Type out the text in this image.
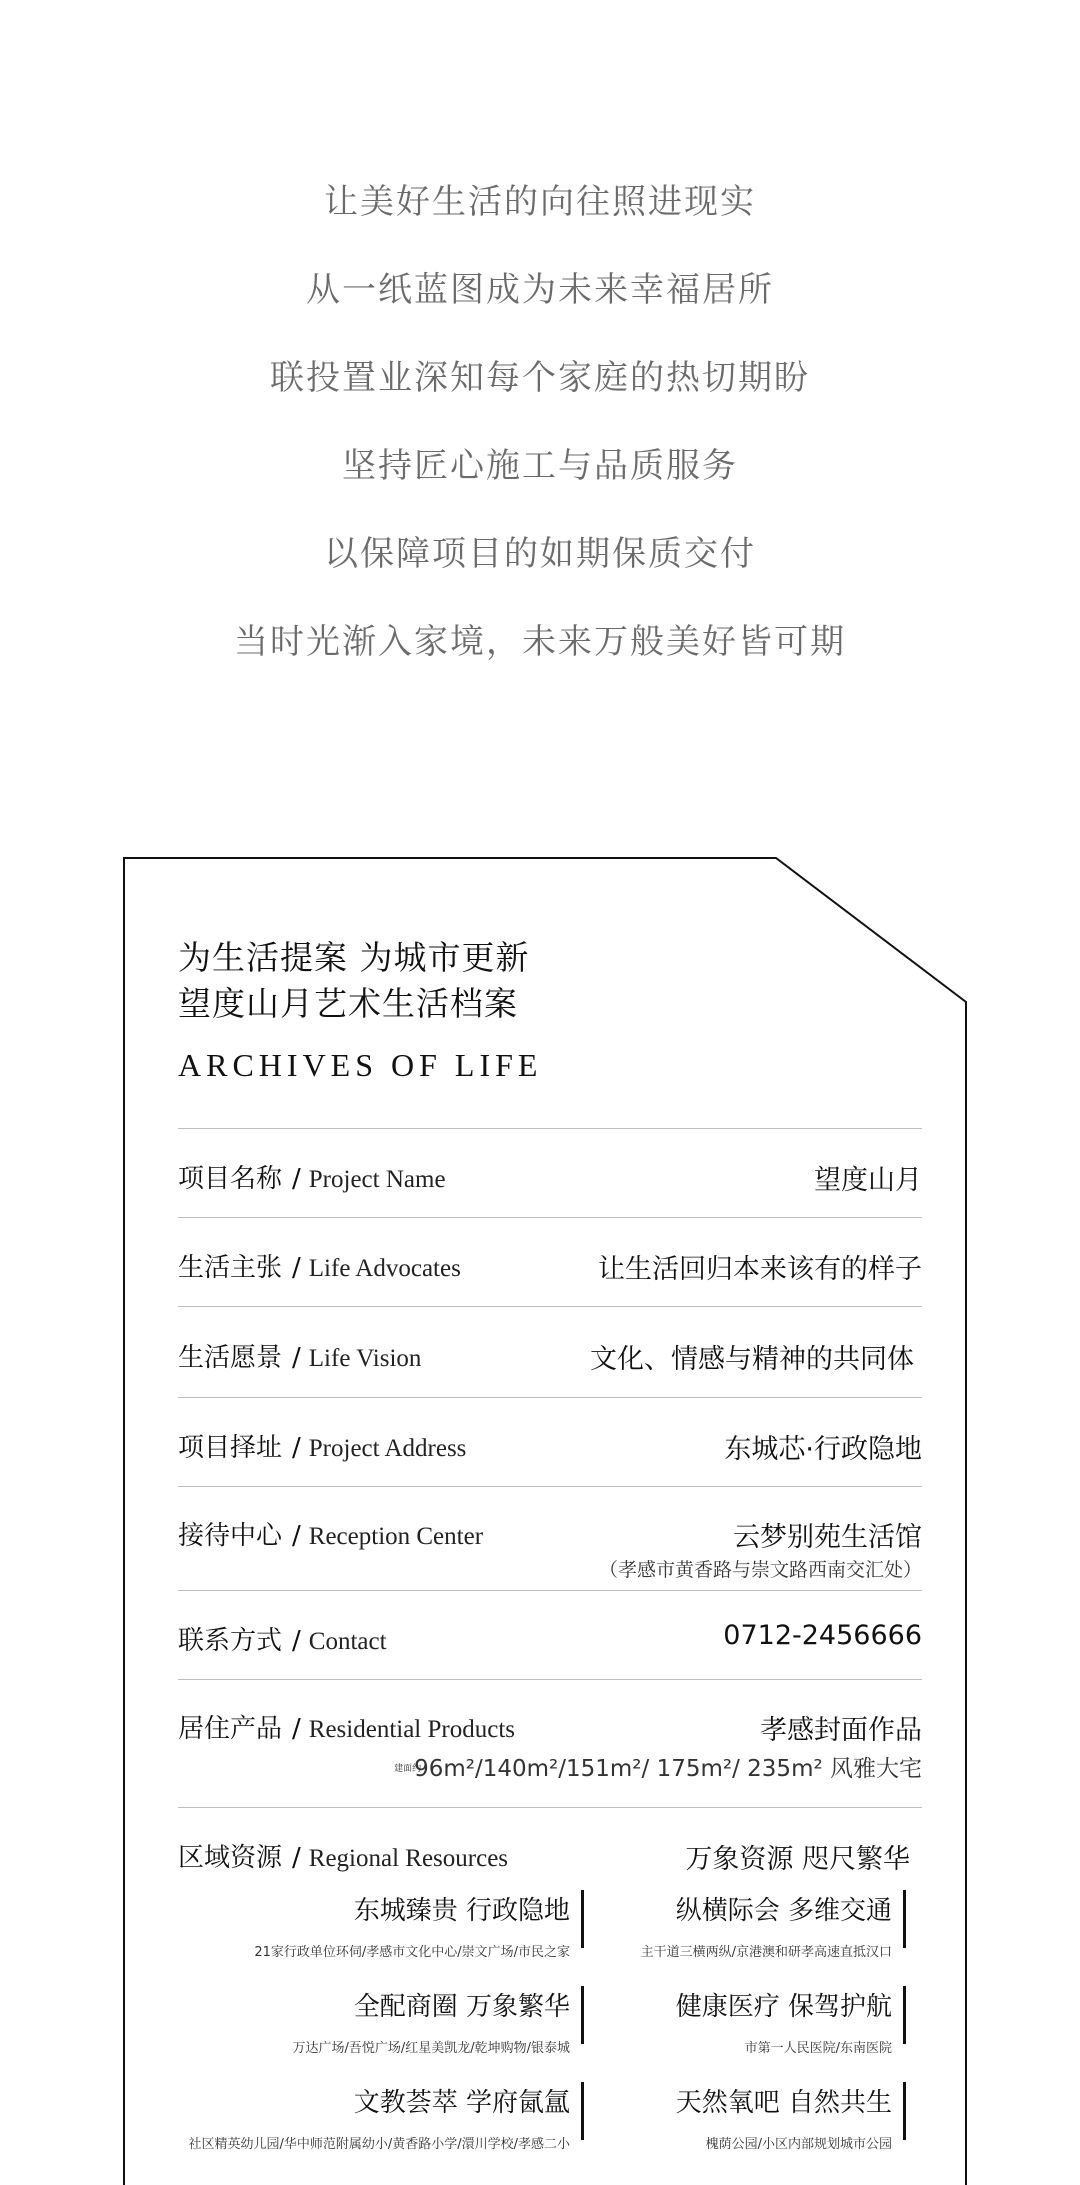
让美好生活的向往照进现实
从一纸蓝图成为未来幸福居所
联投置业深知每个家庭的热切期盼
坚持匠心施工与品质服务
以保障项目的如期保质交付
当时光渐入家境，未来万般美好皆可期
为生活提案 为城市更新
望度山月艺术生活档案
ARCHIVES OF LIFE
项目名称 / Project Name	望度山月
生活主张 / Life Advocates	让生活回归本来该有的样子
生活愿景 / Life Vision	文化、情感与精神的共同体
项目择址 / Project Address	东城芯·行政隐地
接待中心 / Reception Center	云梦别苑生活馆
（孝感市黄香路与崇文路西南交汇处）
联系方式 / Contact	0712-2456666
居住产品 / Residential Products	孝感封面作品
建面约96m²/140m²/151m²/ 175m²/ 235m² 风雅大宅
区域资源 / Regional Resources	万象资源 咫尺繁华
东城臻贵 行政隐地
21家行政单位环伺/孝感市文化中心/崇文广场/市民之家
纵横际会 多维交通
主干道三横两纵/京港澳和研孝高速直抵汉口
全配商圈 万象繁华
万达广场/吾悦广场/红星美凯龙/乾坤购物/银泰城
健康医疗 保驾护航
市第一人民医院/东南医院
文教荟萃 学府氤氲
社区精英幼儿园/华中师范附属幼小/黄香路小学/澴川学校/孝感二小
天然氧吧 自然共生
槐荫公园/小区内部规划城市公园
